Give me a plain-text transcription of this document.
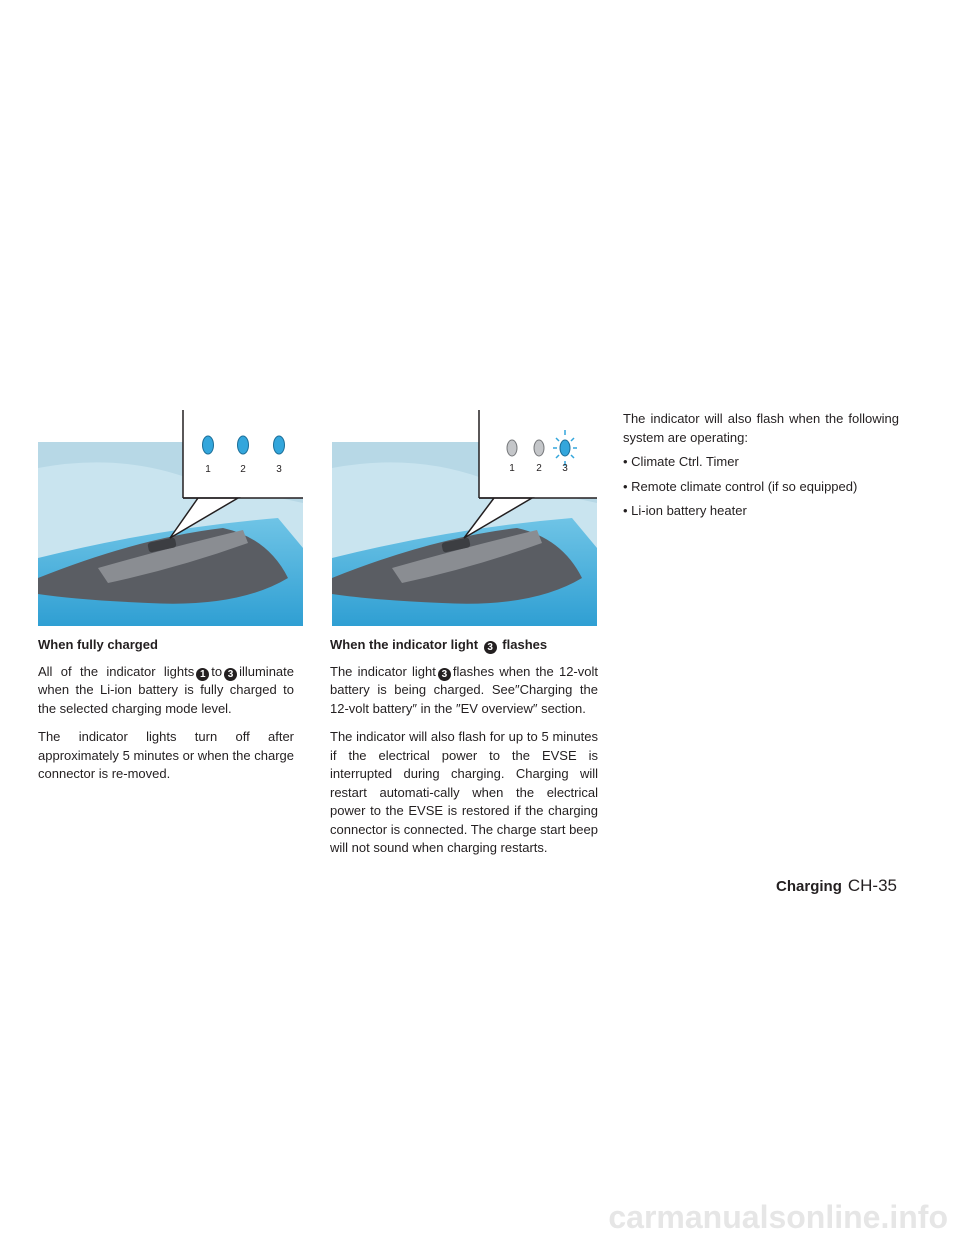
1	2	3	1 2 3
When fully charged

All of the indicator lights 1 to 3 illuminate when the Li-ion battery is fully charged to the selected charging mode level.

The indicator lights turn off after approximately 5 minutes or when the charge connector is re-moved.

When the indicator light 3 flashes

The indicator light 3 flashes when the 12-volt battery is being charged. See″Charging the 12-volt battery″ in the ″EV overview″ section.

The indicator will also flash for up to 5 minutes if the electrical power to the EVSE is interrupted during charging. Charging will restart automati-cally when the electrical power to the EVSE is restored if the charging connector is connected. The charge start beep will not sound when charging restarts.

The indicator will also flash when the following system are operating:

• Climate Ctrl. Timer
• Remote climate control (if so equipped)
• Li-ion battery heater
Charging CH-35
carmanualsonline.info
